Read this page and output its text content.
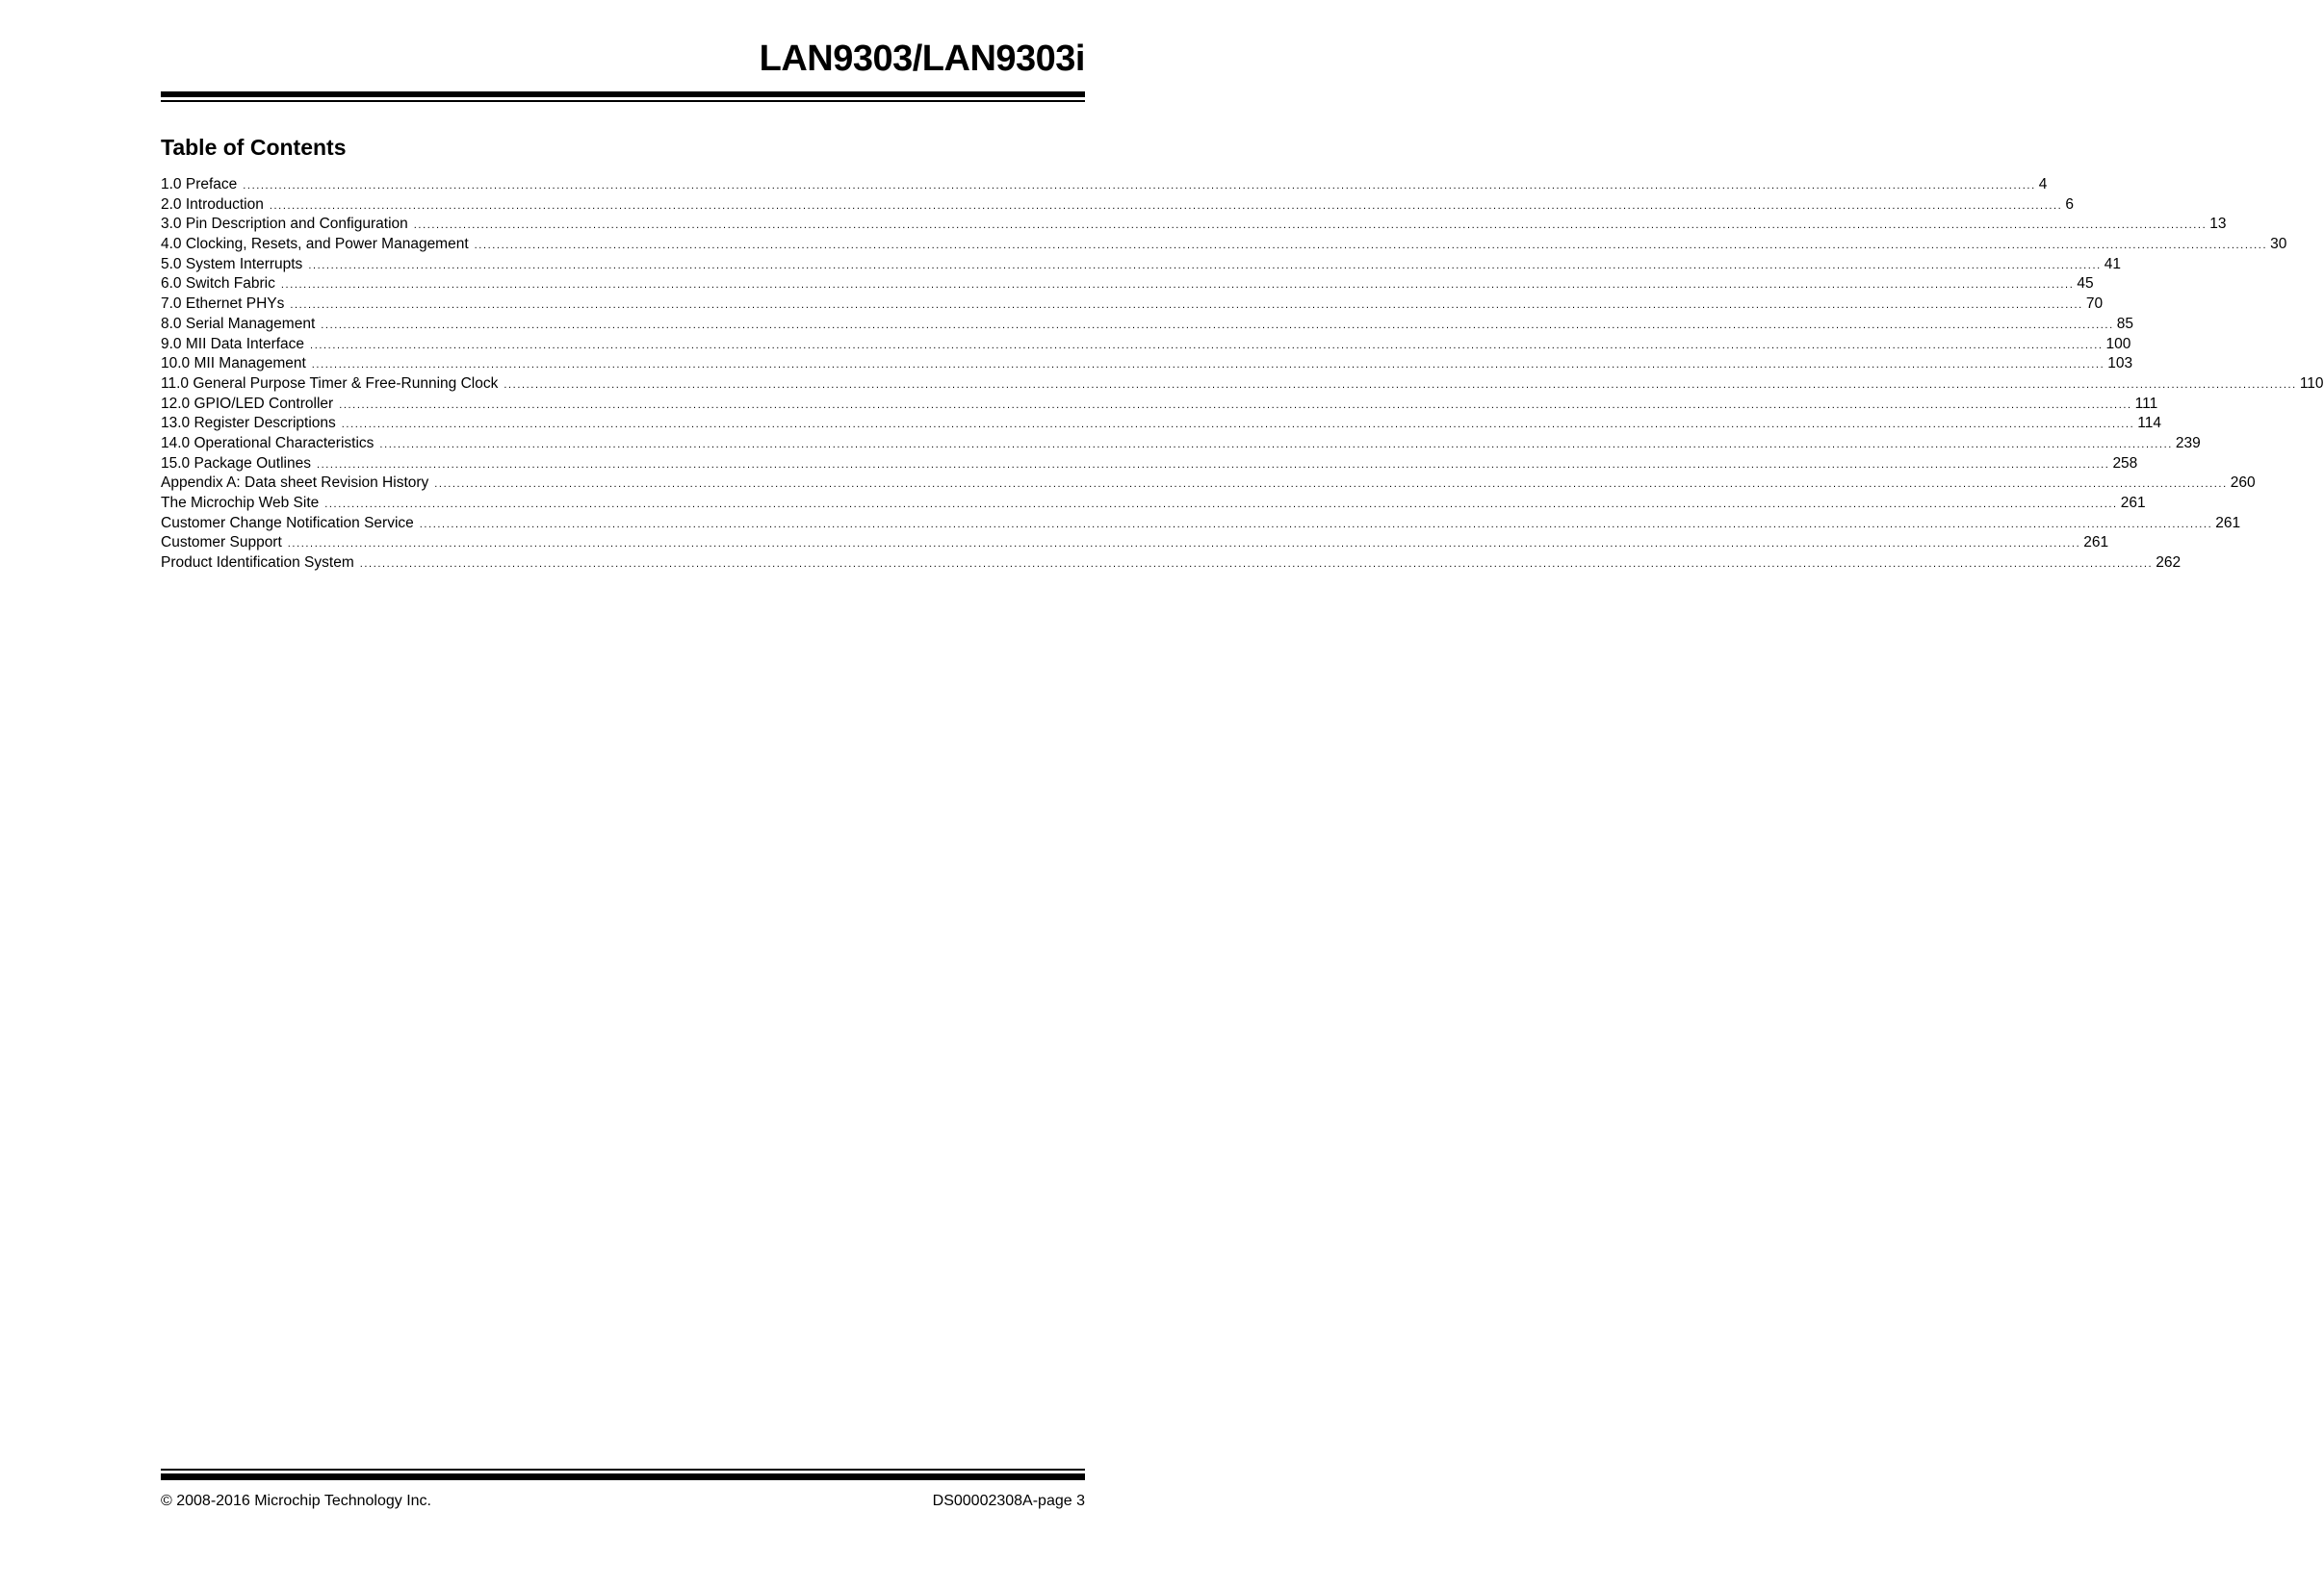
LAN9303/LAN9303i
Table of Contents
1.0 Preface ................................................................................................................................................................................................................................................................................................................................................................................................................ 4
2.0 Introduction ................................................................................................................................................................................................................................................................................................................................................................................................................ 6
3.0 Pin Description and Configuration ................................................................................................................................................................................................................................................................................................................................................................................................................ 13
4.0 Clocking, Resets, and Power Management ................................................................................................................................................................................................................................................................................................................................................................................................................ 30
5.0 System Interrupts ................................................................................................................................................................................................................................................................................................................................................................................................................ 41
6.0 Switch Fabric ................................................................................................................................................................................................................................................................................................................................................................................................................ 45
7.0 Ethernet PHYs ................................................................................................................................................................................................................................................................................................................................................................................................................ 70
8.0 Serial Management ................................................................................................................................................................................................................................................................................................................................................................................................................ 85
9.0 MII Data Interface ................................................................................................................................................................................................................................................................................................................................................................................................................ 100
10.0 MII Management ................................................................................................................................................................................................................................................................................................................................................................................................................ 103
11.0 General Purpose Timer & Free-Running Clock ................................................................................................................................................................................................................................................................................................................................................................................................................ 110
12.0 GPIO/LED Controller ................................................................................................................................................................................................................................................................................................................................................................................................................ 111
13.0 Register Descriptions ................................................................................................................................................................................................................................................................................................................................................................................................................ 114
14.0 Operational Characteristics ................................................................................................................................................................................................................................................................................................................................................................................................................ 239
15.0 Package Outlines ................................................................................................................................................................................................................................................................................................................................................................................................................ 258
Appendix A: Data sheet Revision History ................................................................................................................................................................................................................................................................................................................................................................................................................ 260
The Microchip Web Site ................................................................................................................................................................................................................................................................................................................................................................................................................ 261
Customer Change Notification Service ................................................................................................................................................................................................................................................................................................................................................................................................................ 261
Customer Support ................................................................................................................................................................................................................................................................................................................................................................................................................ 261
Product Identification System ................................................................................................................................................................................................................................................................................................................................................................................................................ 262
© 2008-2016 Microchip Technology Inc.	DS00002308A-page 3
